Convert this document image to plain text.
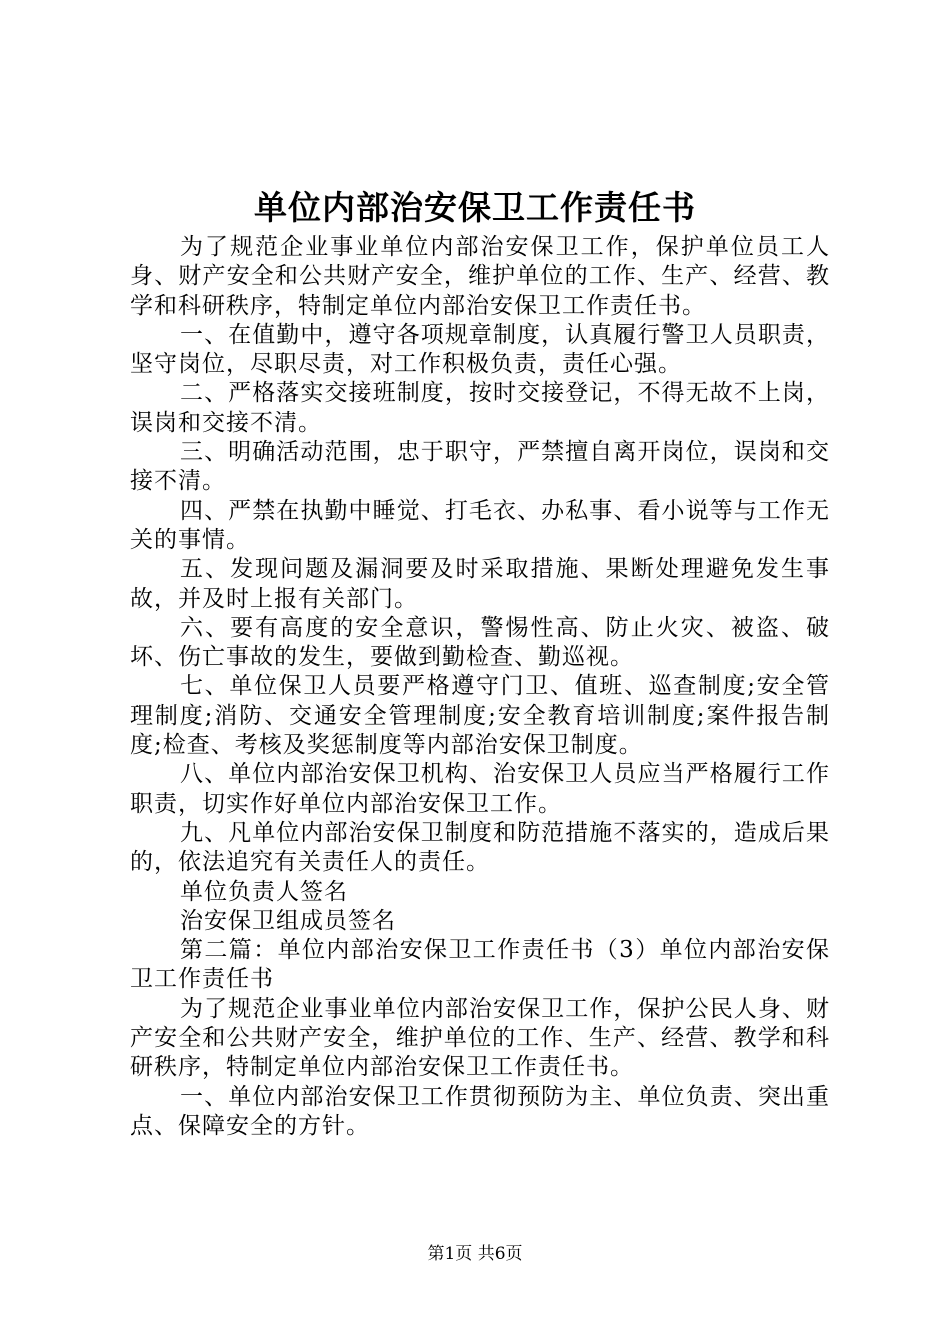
单位内部治安保卫工作责任书

为了规范企业事业单位内部治安保卫工作，保护单位员工人身、财产安全和公共财产安全，维护单位的工作、生产、经营、教学和科研秩序，特制定单位内部治安保卫工作责任书。

一、在值勤中，遵守各项规章制度，认真履行警卫人员职责，坚守岗位，尽职尽责，对工作积极负责，责任心强。

二、严格落实交接班制度，按时交接登记，不得无故不上岗，误岗和交接不清。

三、明确活动范围，忠于职守，严禁擅自离开岗位，误岗和交接不清。

四、严禁在执勤中睡觉、打毛衣、办私事、看小说等与工作无关的事情。

五、发现问题及漏洞要及时采取措施、果断处理避免发生事故，并及时上报有关部门。

六、要有高度的安全意识，警惕性高、防止火灾、被盗、破坏、伤亡事故的发生，要做到勤检查、勤巡视。

七、单位保卫人员要严格遵守门卫、值班、巡查制度;安全管理制度;消防、交通安全管理制度;安全教育培训制度;案件报告制度;检查、考核及奖惩制度等内部治安保卫制度。

八、单位内部治安保卫机构、治安保卫人员应当严格履行工作职责，切实作好单位内部治安保卫工作。

九、凡单位内部治安保卫制度和防范措施不落实的，造成后果的，依法追究有关责任人的责任。

单位负责人签名

治安保卫组成员签名

第二篇：单位内部治安保卫工作责任书（3）单位内部治安保卫工作责任书

为了规范企业事业单位内部治安保卫工作，保护公民人身、财产安全和公共财产安全，维护单位的工作、生产、经营、教学和科研秩序，特制定单位内部治安保卫工作责任书。

一、单位内部治安保卫工作贯彻预防为主、单位负责、突出重点、保障安全的方针。

第1页 共6页
